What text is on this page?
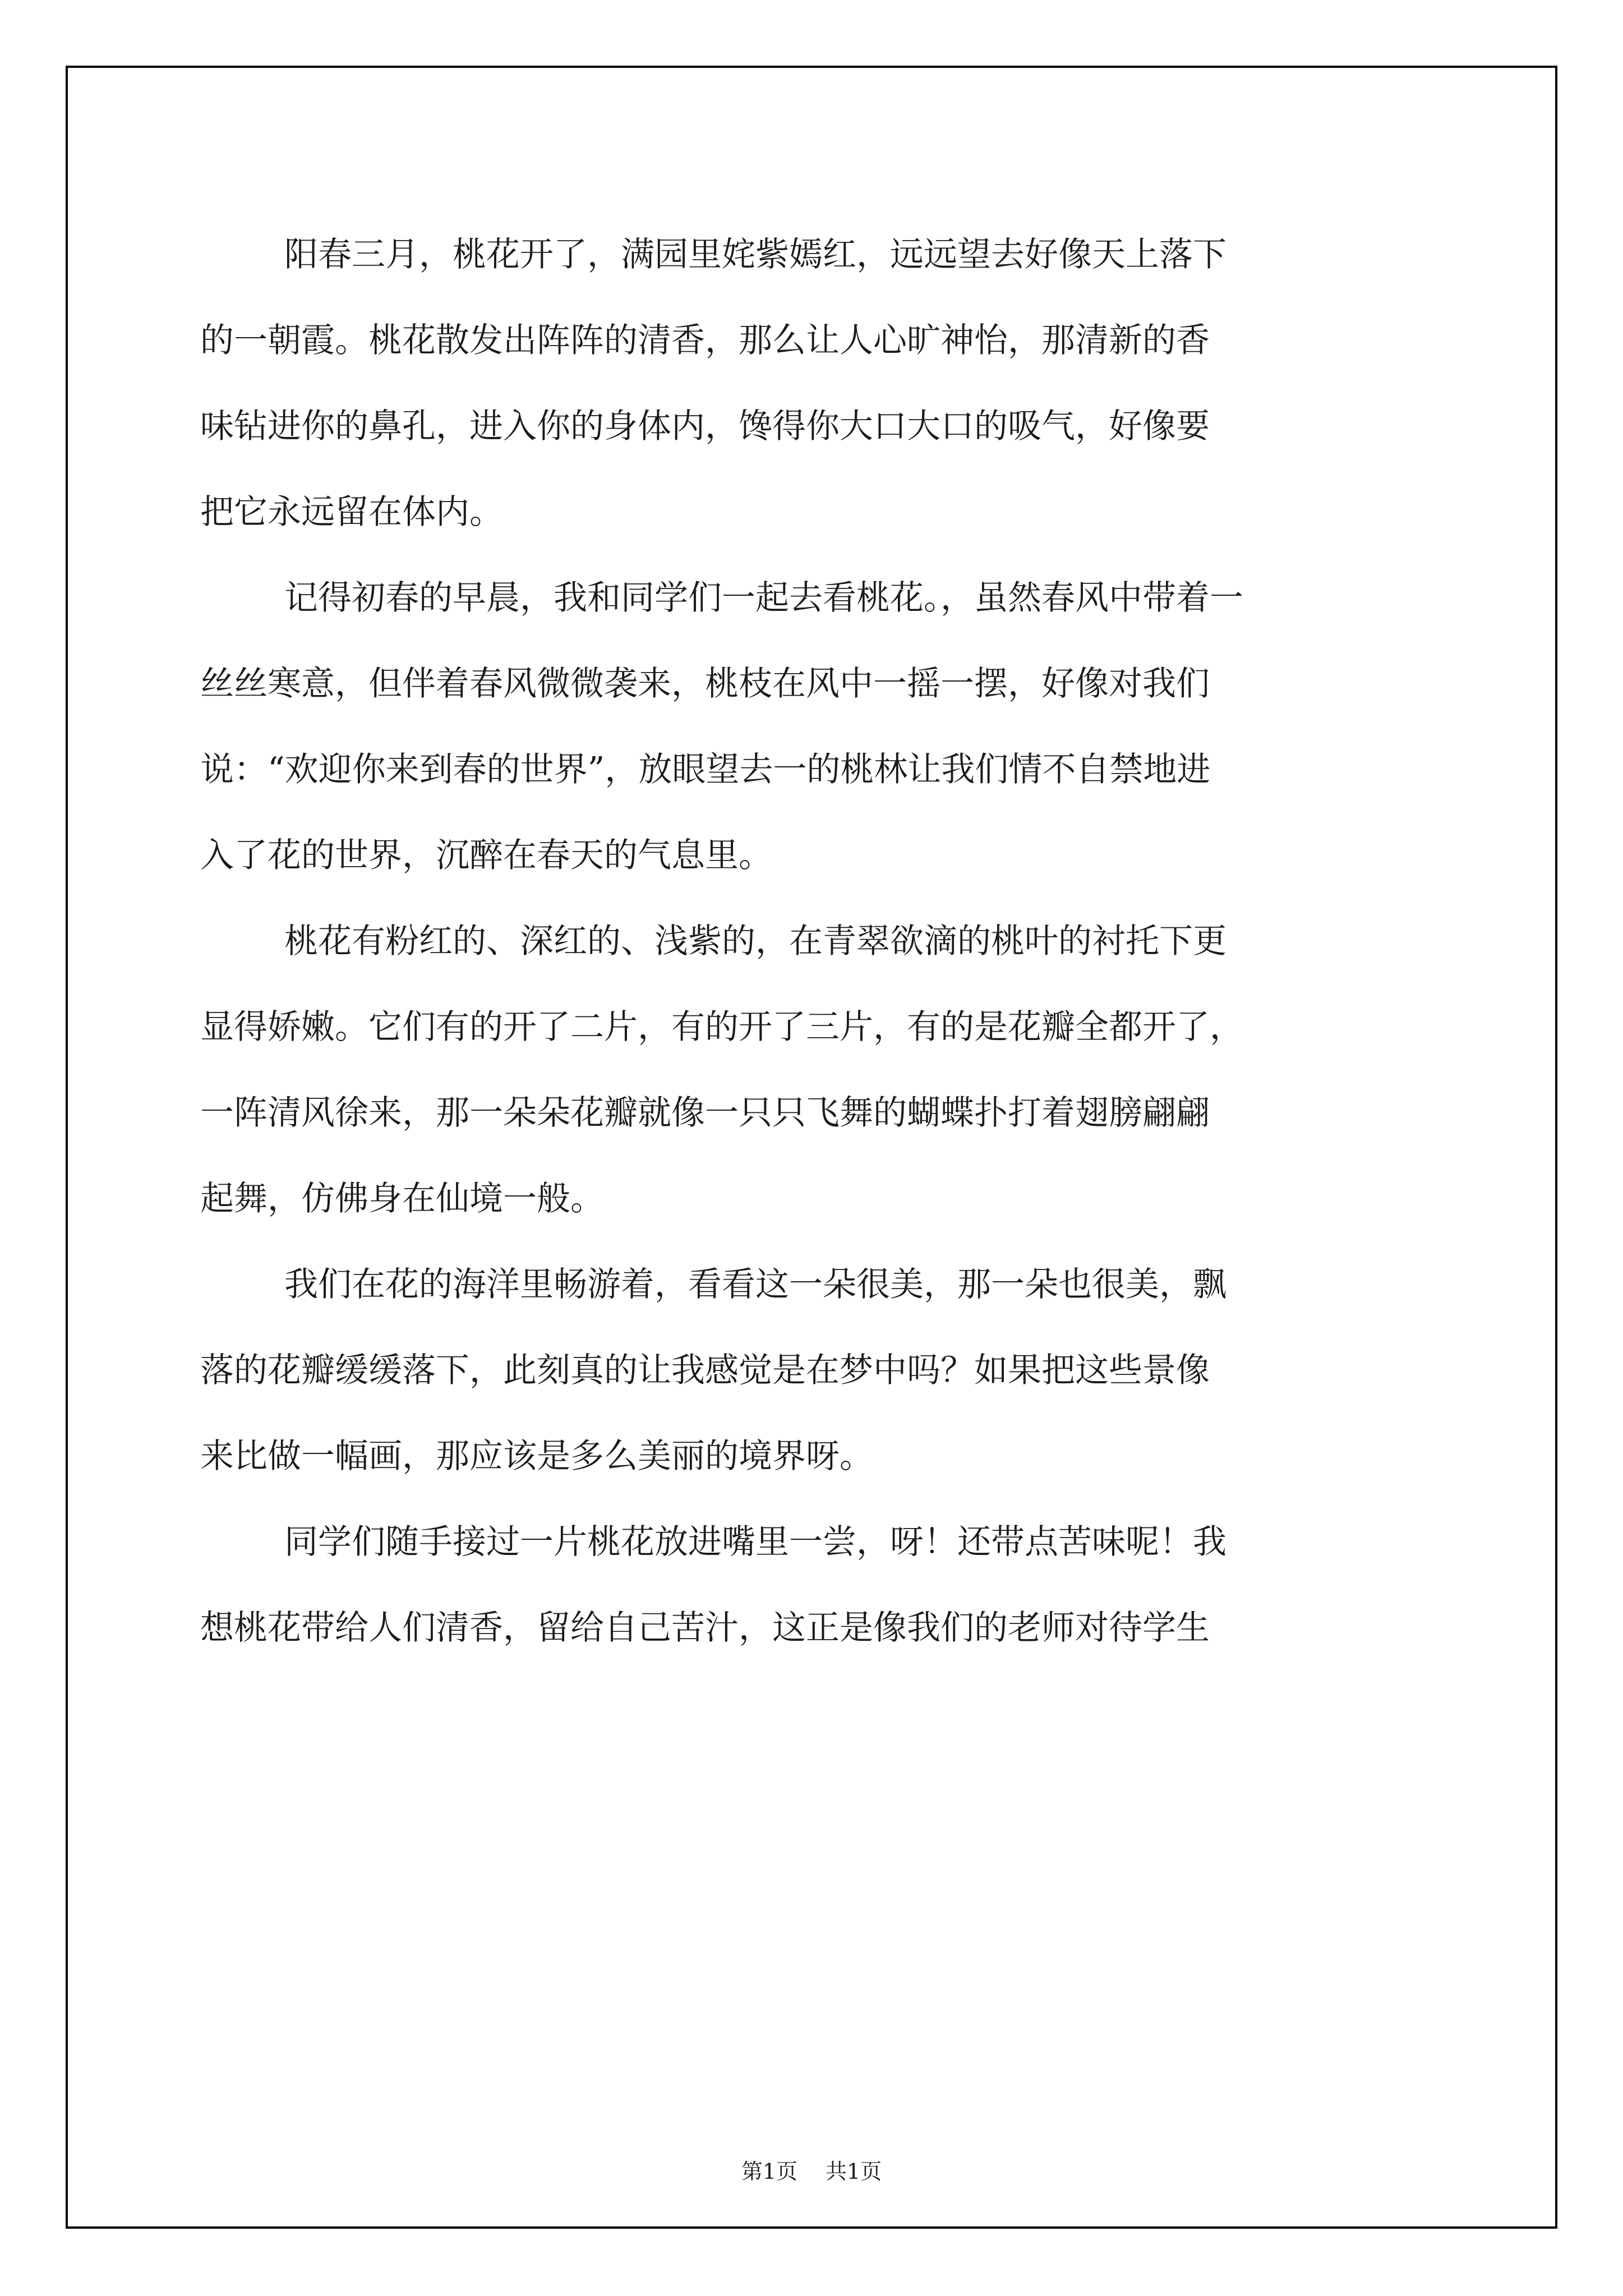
阳春三月，桃花开了，满园里姹紫嫣红，远远望去好像天上落下
的一朝霞。桃花散发出阵阵的清香，那么让人心旷神怡，那清新的香
味钻进你的鼻孔，进入你的身体内，馋得你大口大口的吸气，好像要
把它永远留在体内。
记得初春的早晨，我和同学们一起去看桃花。，虽然春风中带着一
丝丝寒意，但伴着春风微微袭来，桃枝在风中一摇一摆，好像对我们
说：“欢迎你来到春的世界”，放眼望去一的桃林让我们情不自禁地进
入了花的世界，沉醉在春天的气息里。
桃花有粉红的、深红的、浅紫的，在青翠欲滴的桃叶的衬托下更
显得娇嫩。它们有的开了二片，有的开了三片，有的是花瓣全都开了，
一阵清风徐来，那一朵朵花瓣就像一只只飞舞的蝴蝶扑打着翅膀翩翩
起舞，仿佛身在仙境一般。
我们在花的海洋里畅游着，看看这一朵很美，那一朵也很美，飘
落的花瓣缓缓落下，此刻真的让我感觉是在梦中吗？如果把这些景像
来比做一幅画，那应该是多么美丽的境界呀。
同学们随手接过一片桃花放进嘴里一尝，呀！还带点苦味呢！我
想桃花带给人们清香，留给自己苦汁，这正是像我们的老师对待学生
第1页 共1页
